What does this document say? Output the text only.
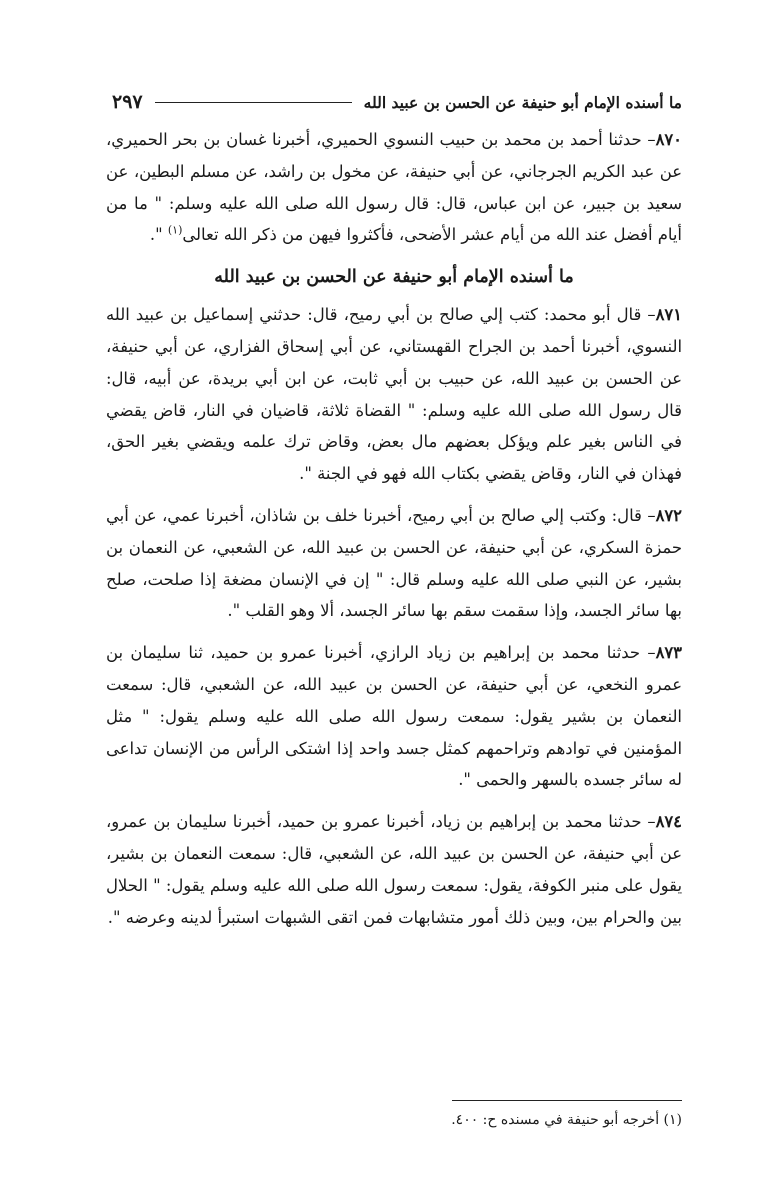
ما أسنده الإمام أبو حنيفة عن الحسن بن عبيد الله
٢٩٧

٨٧٠– حدثنا أحمد بن محمد بن حبيب النسوي الحميري، أخبرنا غسان بن بحر الحميري، عن عبد الكريم الجرجاني، عن أبي حنيفة، عن مخول بن راشد، عن مسلم البطين، عن سعيد بن جبير، عن ابن عباس، قال: قال رسول الله صلى الله عليه وسلم: " ما من أيام أفضل عند الله من أيام عشر الأضحى، فأكثروا فيهن من ذكر الله تعالى$^{(١)}$ ".

ما أسنده الإمام أبو حنيفة عن الحسن بن عبيد الله

٨٧١– قال أبو محمد: كتب إلي صالح بن أبي رميح، قال: حدثني إسماعيل بن عبيد الله النسوي، أخبرنا أحمد بن الجراح القهستاني، عن أبي إسحاق الفزاري، عن أبي حنيفة، عن الحسن بن عبيد الله، عن حبيب بن أبي ثابت، عن ابن أبي بريدة، عن أبيه، قال: قال رسول الله صلى الله عليه وسلم: " القضاة ثلاثة، قاضيان في النار، قاض يقضي في الناس بغير علم ويؤكل بعضهم مال بعض، وقاض ترك علمه ويقضي بغير الحق، فهذان في النار، وقاض يقضي بكتاب الله فهو في الجنة ".

٨٧٢– قال: وكتب إلي صالح بن أبي رميح، أخبرنا خلف بن شاذان، أخبرنا عمي، عن أبي حمزة السكري، عن أبي حنيفة، عن الحسن بن عبيد الله، عن الشعبي، عن النعمان بن بشير، عن النبي صلى الله عليه وسلم قال: " إن في الإنسان مضغة إذا صلحت، صلح بها سائر الجسد، وإذا سقمت سقم بها سائر الجسد، ألا وهو القلب ".

٨٧٣– حدثنا محمد بن إبراهيم بن زياد الرازي، أخبرنا عمرو بن حميد، ثنا سليمان بن عمرو النخعي، عن أبي حنيفة، عن الحسن بن عبيد الله، عن الشعبي، قال: سمعت النعمان بن بشير يقول: سمعت رسول الله صلى الله عليه وسلم يقول: " مثل المؤمنين في توادهم وتراحمهم كمثل جسد واحد إذا اشتكى الرأس من الإنسان تداعى له سائر جسده بالسهر والحمى ".

٨٧٤– حدثنا محمد بن إبراهيم بن زياد، أخبرنا عمرو بن حميد، أخبرنا سليمان بن عمرو، عن أبي حنيفة، عن الحسن بن عبيد الله، عن الشعبي، قال: سمعت النعمان بن بشير، يقول على منبر الكوفة، يقول: سمعت رسول الله صلى الله عليه وسلم يقول: " الحلال بين والحرام بين، وبين ذلك أمور متشابهات فمن اتقى الشبهات استبرأ لدينه وعرضه ".

(١) أخرجه أبو حنيفة في مسنده ح: ٤٠٠.
